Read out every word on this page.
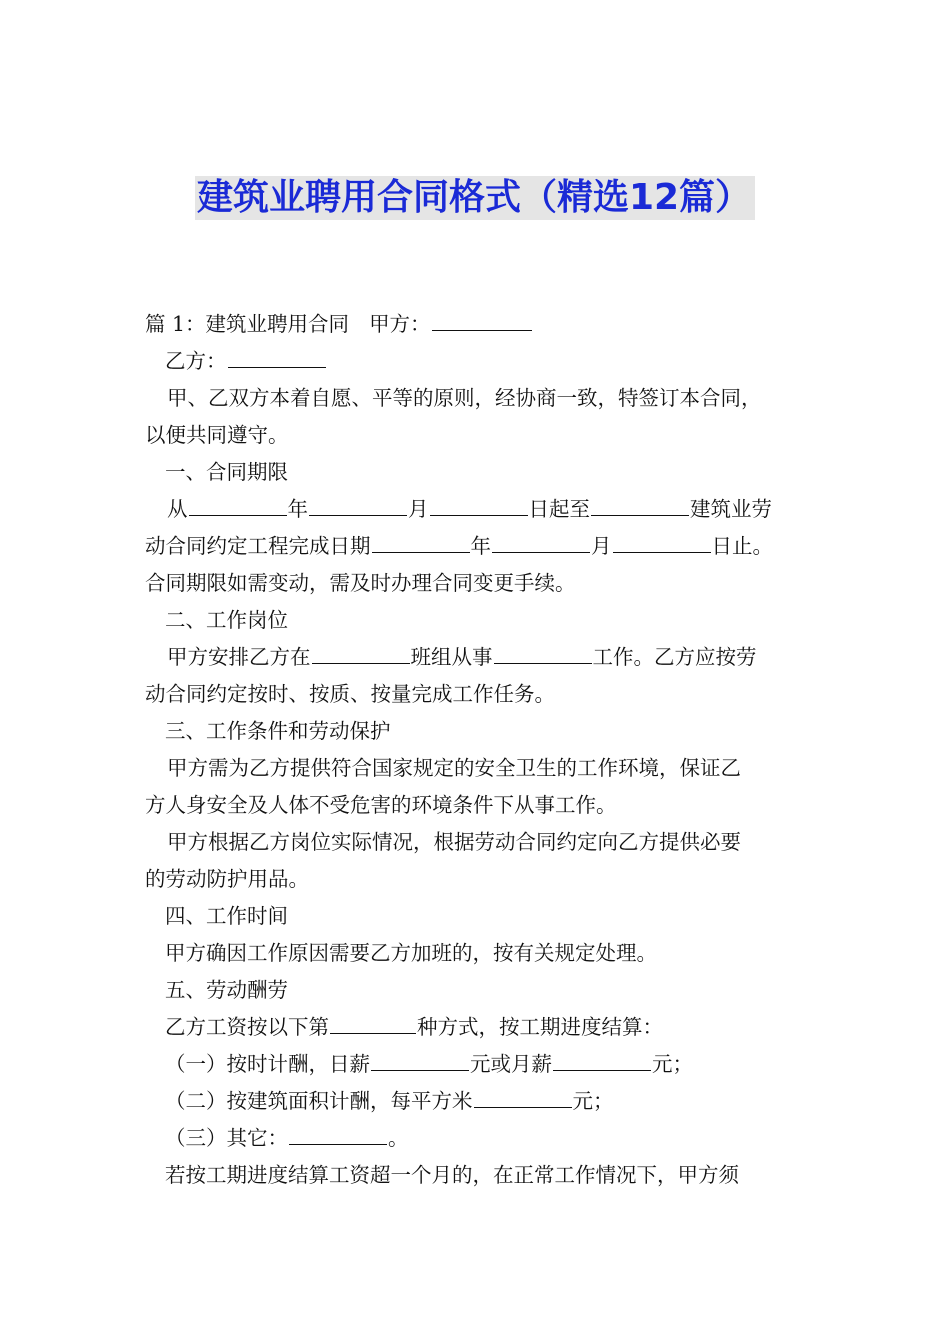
建筑业聘用合同格式（精选12篇）

篇 1：建筑业聘用合同 甲方：

乙方：

甲、乙双方本着自愿、平等的原则，经协商一致，特签订本合同，
以便共同遵守。

一、合同期限

从	年	月	日起至	建筑业劳
动合同约定工程完成日期	年	月	日止。

合同期限如需变动，需及时办理合同变更手续。

二、工作岗位

甲方安排乙方在	班组从事	工作。乙方应按劳
动合同约定按时、按质、按量完成工作任务。

三、工作条件和劳动保护

甲方需为乙方提供符合国家规定的安全卫生的工作环境，保证乙
方人身安全及人体不受危害的环境条件下从事工作。

甲方根据乙方岗位实际情况，根据劳动合同约定向乙方提供必要
的劳动防护用品。

四、工作时间

甲方确因工作原因需要乙方加班的，按有关规定处理。

五、劳动酬劳

乙方工资按以下第	种方式，按工期进度结算：

（一）按时计酬，日薪	元或月薪	元；

（二）按建筑面积计酬，每平方米	元；

（三）其它：	。

若按工期进度结算工资超一个月的，在正常工作情况下，甲方须
